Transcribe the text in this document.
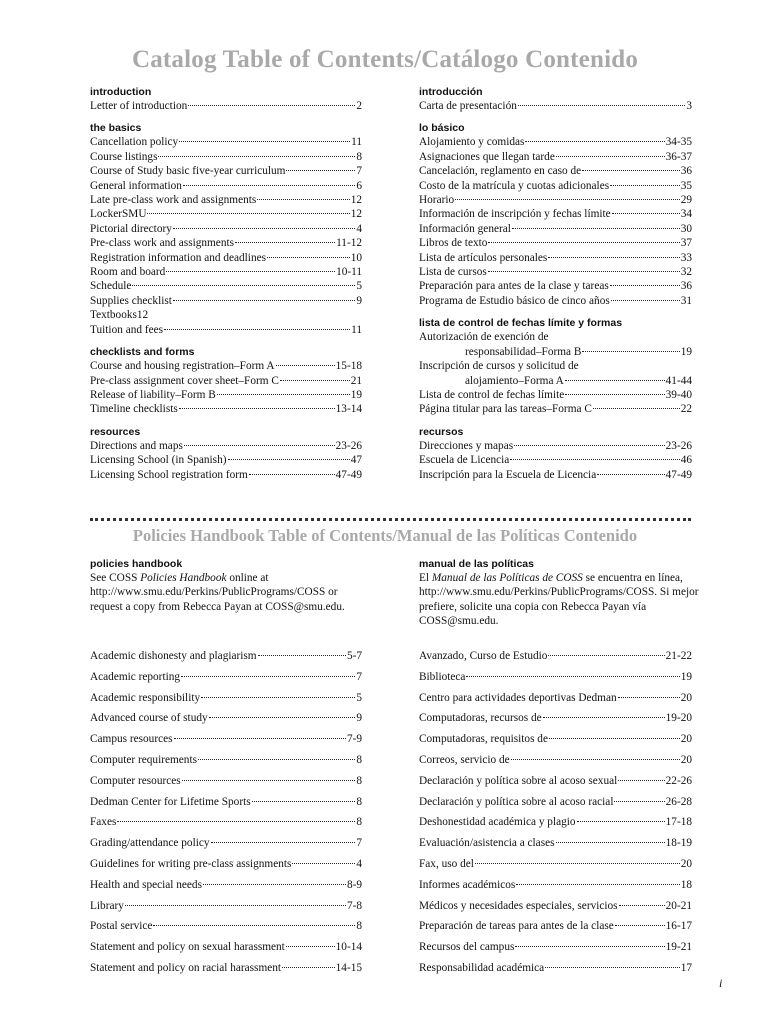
Catalog Table of Contents/Catálogo Contenido

introduction

Letter of introduction	2

the basics

Cancellation policy	11
Course listings	8
Course of Study basic five-year curriculum	7
General information	6
Late pre-class work and assignments	12
LockerSMU	12
Pictorial directory	4
Pre-class work and assignments	11-12
Registration information and deadlines	10
Room and board	10-11
Schedule	5
Supplies checklist	9
Textbooks12
Tuition and fees	11

checklists and forms

Course and housing registration–Form A	15-18
Pre-class assignment cover sheet–Form C	21
Release of liability–Form B	19
Timeline checklists	13-14

resources

Directions and maps	23-26
Licensing School (in Spanish)	47
Licensing School registration form	47-49

introducción

Carta de presentación	3

lo básico

Alojamiento y comidas	34-35
Asignaciones que llegan tarde	36-37
Cancelación, reglamento en caso de	36
Costo de la matrícula y cuotas adicionales	35
Horario	29
Información de inscripción y fechas límite	34
Información general	30
Libros de texto	37
Lista de artículos personales	33
Lista de cursos	32
Preparación para antes de la clase y tareas	36
Programa de Estudio básico de cinco años	31

lista de control de fechas límite y formas

Autorización de exención de
responsabilidad–Forma B	19
Inscripción de cursos y solicitud de
alojamiento–Forma A	41-44
Lista de control de fechas límite	39-40
Página titular para las tareas–Forma C	22

recursos

Direcciones y mapas	23-26
Escuela de Licencia	46
Inscripción para la Escuela de Licencia	47-49
Policies Handbook Table of Contents/Manual de las Políticas Contenido

policies handbook

See COSS Policies Handbook online at http://www.smu.edu/Perkins/PublicPrograms/COSS or request a copy from Rebecca Payan at COSS@smu.edu.

manual de las políticas

El Manual de las Políticas de COSS se encuentra en línea, http://www.smu.edu/Perkins/PublicPrograms/COSS. Si mejor prefiere, solicite una copia con Rebecca Payan vía COSS@smu.edu.

Academic dishonesty and plagiarism	5-7
Academic reporting	7
Academic responsibility	5
Advanced course of study	9
Campus resources	7-9
Computer requirements	8
Computer resources	8
Dedman Center for Lifetime Sports	8
Faxes	8
Grading/attendance policy	7
Guidelines for writing pre-class assignments	4
Health and special needs	8-9
Library	7-8
Postal service	8
Statement and policy on sexual harassment	10-14
Statement and policy on racial harassment	14-15
Avanzado, Curso de Estudio	21-22
Biblioteca	19
Centro para actividades deportivas Dedman	20
Computadoras, recursos de	19-20
Computadoras, requisitos de	20
Correos, servicio de	20
Declaración y política sobre al acoso sexual	22-26
Declaración y política sobre al acoso racial	26-28
Deshonestidad académica y plagio	17-18
Evaluación/asistencia a clases	18-19
Fax, uso del	20
Informes académicos	18
Médicos y necesidades especiales, servicios	20-21
Preparación de tareas para antes de la clase	16-17
Recursos del campus	19-21
Responsabilidad académica	17

i
